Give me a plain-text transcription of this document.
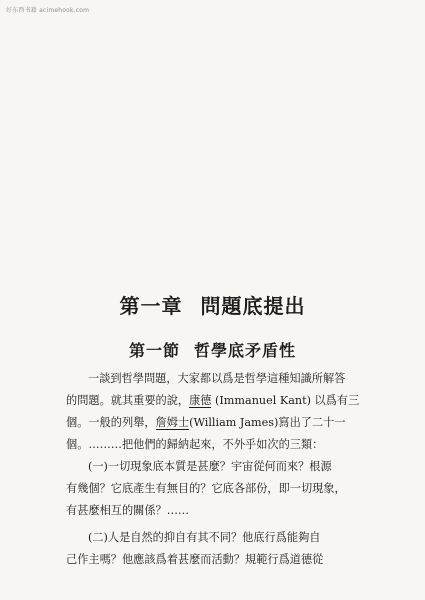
好东西书籍 acimehook.com
第一章 問題底提出
第一節 哲學底矛盾性
一談到哲學問題，大家都以爲是哲學這種知識所解答
的問題。就其重要的說，康德 (Immanuel Kant) 以爲有三
個。一般的列舉，詹姆士(William James)寫出了二十一
個。………把他們的歸納起來，不外乎如次的三類：
(一)一切現象底本質是甚麼？宇宙從何而來？根源
有幾個？它底產生有無目的？它底各部份，即一切現象，
有甚麼相互的關係？……
(二)人是自然的抑自有其不同？他底行爲能夠自
己作主嗎？他應該爲着甚麼而活動？規範行爲道德從
